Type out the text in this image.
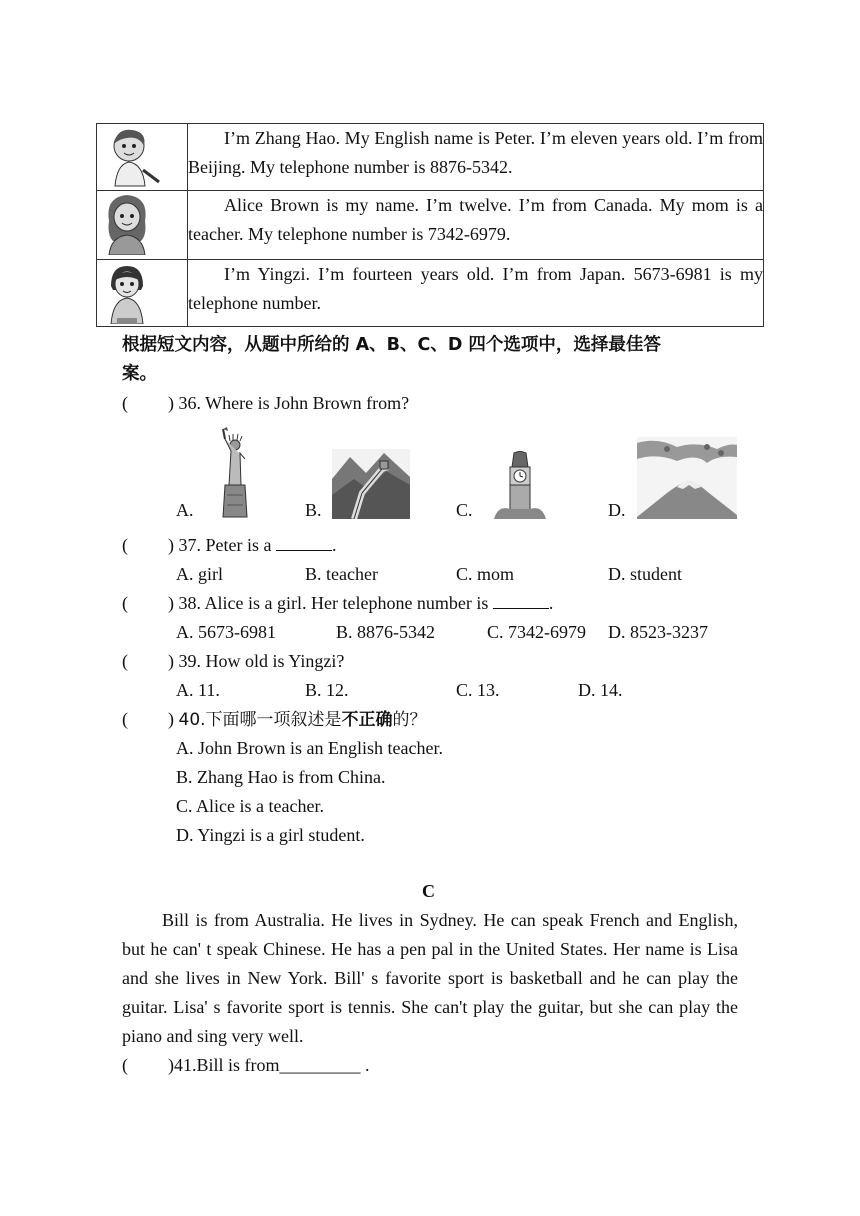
	I’m Zhang Hao. My English name is Peter. I’m eleven years old. I’m from Beijing. My telephone number is 8876-5342.

	Alice Brown is my name. I’m twelve. I’m from Canada. My mom is a teacher. My telephone number is 7342-6979.

	I’m Yingzi. I’m fourteen years old. I’m from Japan. 5673-6981 is my telephone number.
根据短文内容，从题中所给的 A、B、C、D 四个选项中，选择最佳答
案。
( ) 36. Where is John Brown from?
A.	B.	C.	D.
( ) 37. Peter is a	.
A. girl	B. teacher	C. mom	D. student
( ) 38. Alice is a girl. Her telephone number is	.
A. 5673-6981	B. 8876-5342	C. 7342-6979 D. 8523-3237
( ) 39. How old is Yingzi?
A. 11.	B. 12.	C. 13.	D. 14.
( ) 40.下面哪一项叙述是不正确的？
A. John Brown is an English teacher.
B. Zhang Hao is from China.
C. Alice is a teacher.
D. Yingzi is a girl student.
C
Bill is from Australia. He lives in Sydney. He can speak French and English, but he can' t speak Chinese. He has a pen pal in the United States. Her name is Lisa and she lives in New York. Bill' s favorite sport is basketball and he can play the guitar. Lisa' s favorite sport is tennis. She can't play the guitar, but she can play the piano and sing very well.
( )41.Bill is from_________ .
